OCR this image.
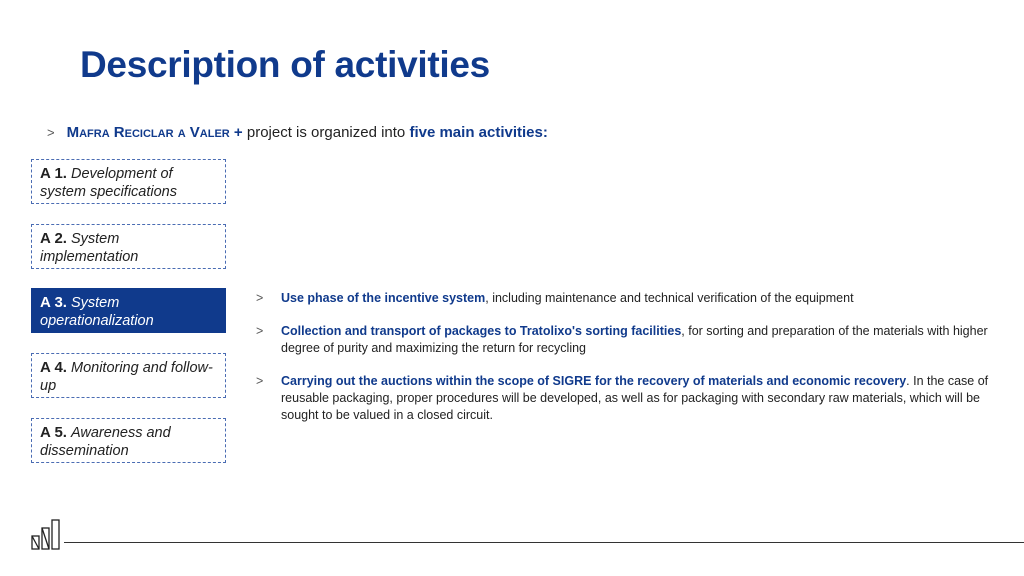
Description of activities
> Mafra Reciclar a Valer + project is organized into five main activities:
A 1. Development of system specifications
A 2. System implementation
A 3. System operationalization
A 4. Monitoring and follow-up
A 5. Awareness and dissemination
> Use phase of the incentive system, including maintenance and technical verification of the equipment
> Collection and transport of packages to Tratolixo's sorting facilities, for sorting and preparation of the materials with higher degree of purity and maximizing the return for recycling
> Carrying out the auctions within the scope of SIGRE for the recovery of materials and economic recovery. In the case of reusable packaging, proper procedures will be developed, as well as for packaging with secondary raw materials, which will be sought to be valued in a closed circuit.
